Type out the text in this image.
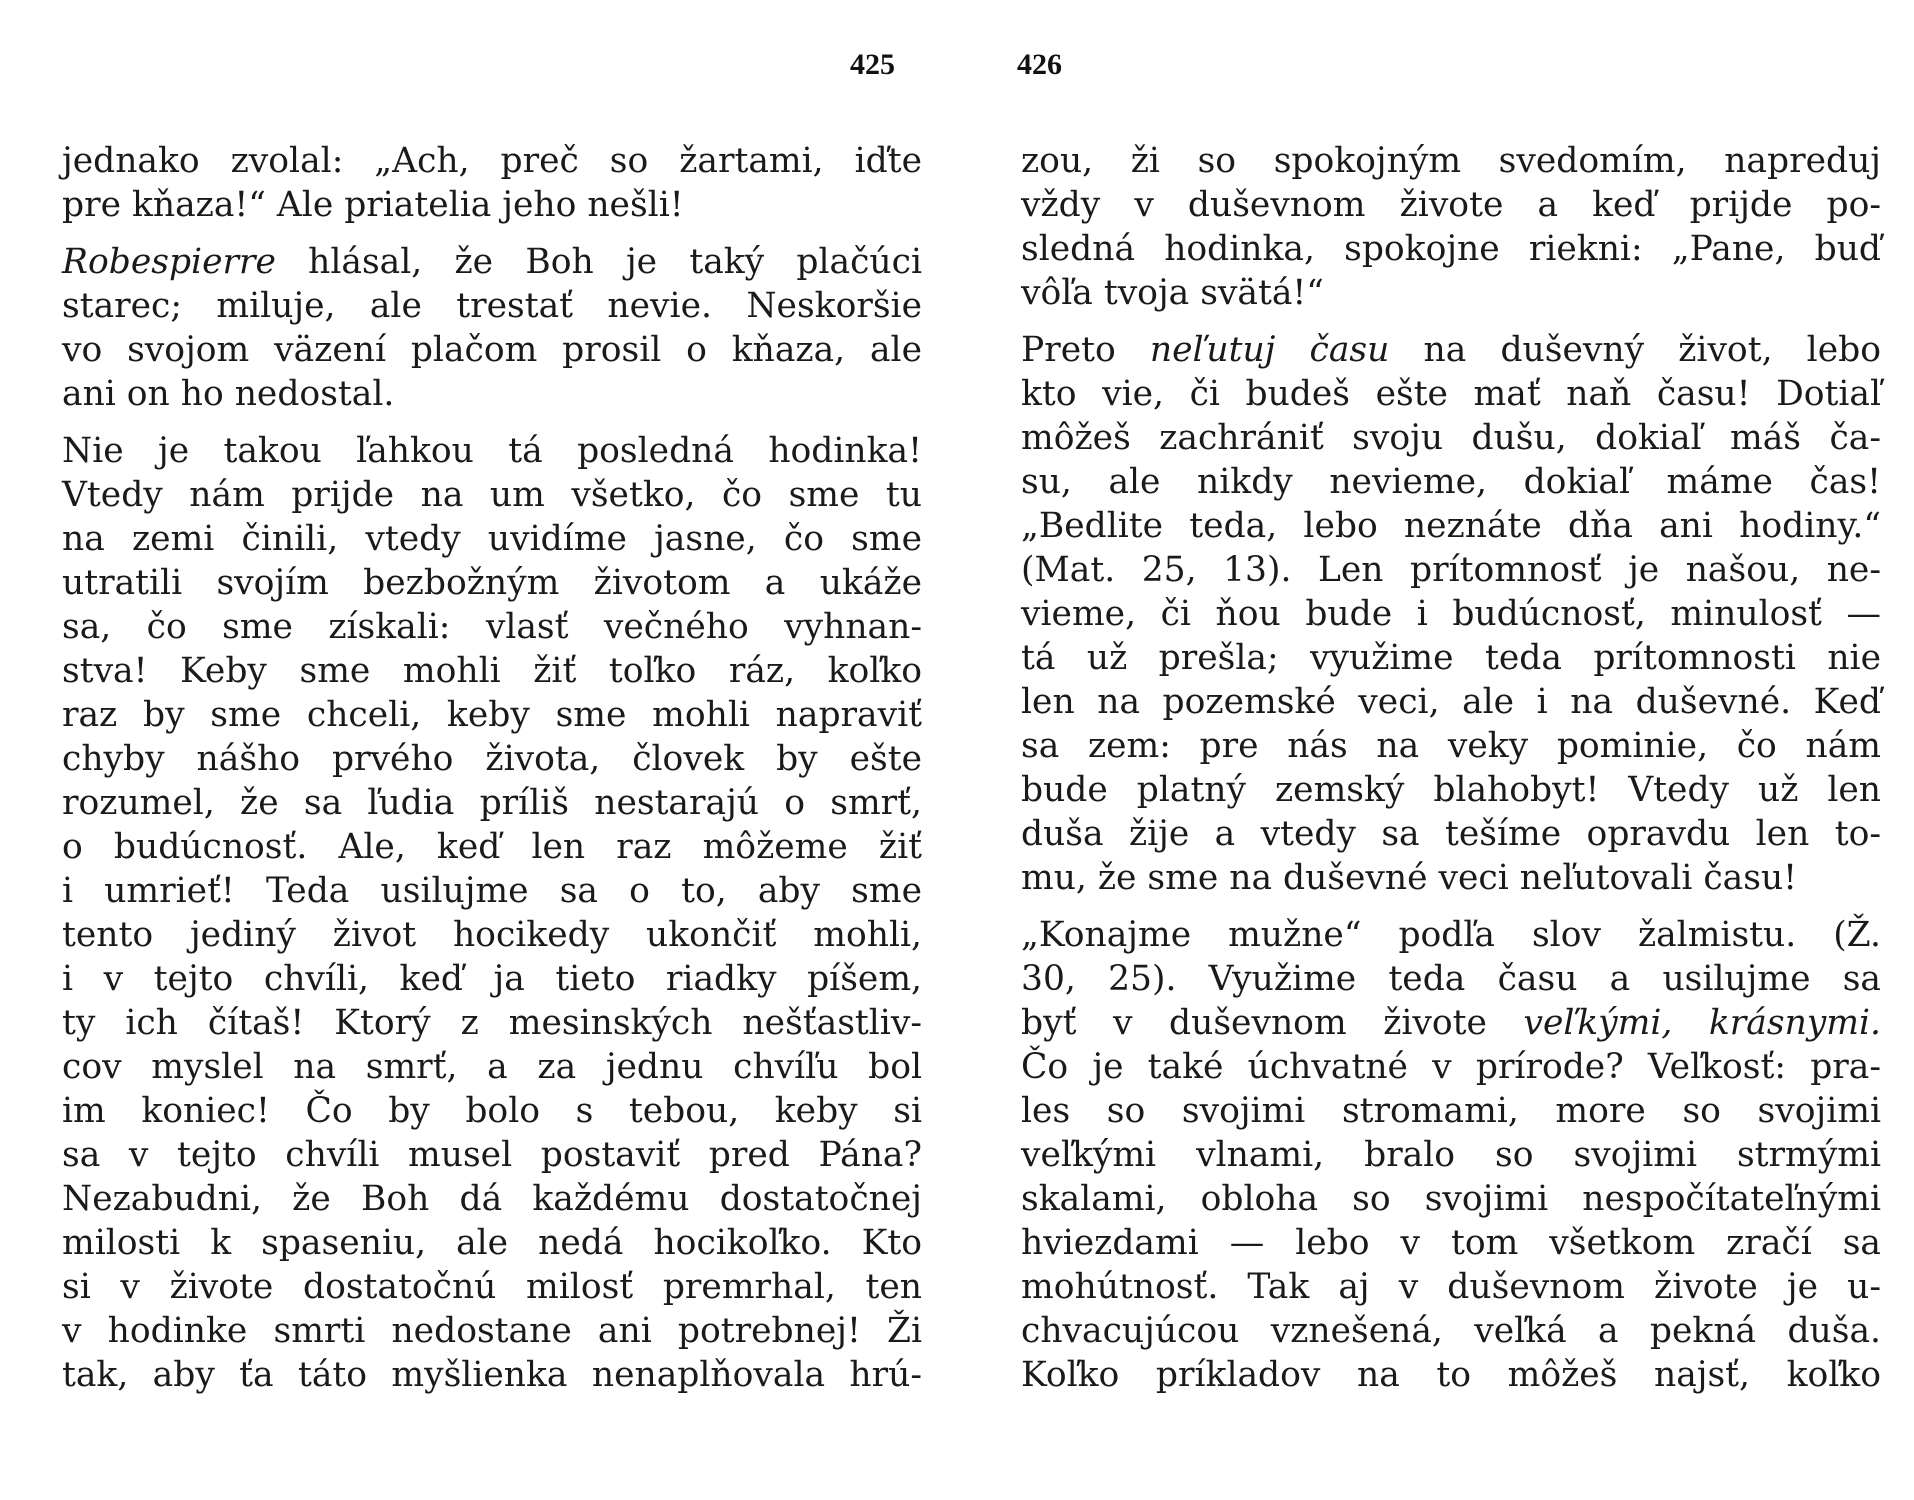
425
jednako zvolal: „Ach, preč so žartami, iďte
pre kňaza!“ Ale priatelia jeho nešli!
Robespierre hlásal, že Boh je taký plačúci
starec; miluje, ale trestať nevie. Neskoršie
vo svojom väzení plačom prosil o kňaza, ale
ani on ho nedostal.
Nie je takou ľahkou tá posledná hodinka!
Vtedy nám prijde na um všetko, čo sme tu
na zemi činili, vtedy uvidíme jasne, čo sme
utratili svojím bezbožným životom a ukáže
sa, čo sme získali: vlasť večného vyhnan-
stva! Keby sme mohli žiť toľko ráz, koľko
raz by sme chceli, keby sme mohli napraviť
chyby nášho prvého života, človek by ešte
rozumel, že sa ľudia príliš nestarajú o smrť,
o budúcnosť. Ale, keď len raz môžeme žiť
i umrieť! Teda usilujme sa o to, aby sme
tento jediný život hocikedy ukončiť mohli,
i v tejto chvíli, keď ja tieto riadky píšem,
ty ich čítaš! Ktorý z mesinských nešťastliv-
cov myslel na smrť, a za jednu chvíľu bol
im koniec! Čo by bolo s tebou, keby si
sa v tejto chvíli musel postaviť pred Pána?
Nezabudni, že Boh dá každému dostatočnej
milosti k spaseniu, ale nedá hocikoľko. Kto
si v živote dostatočnú milosť premrhal, ten
v hodinke smrti nedostane ani potrebnej! Ži
tak, aby ťa táto myšlienka nenaplňovala hrú-
426
zou, ži so spokojným svedomím, napreduj
vždy v duševnom živote a keď prijde po-
sledná hodinka, spokojne riekni: „Pane, buď
vôľa tvoja svätá!“
Preto neľutuj času na duševný život, lebo
kto vie, či budeš ešte mať naň času! Dotiaľ
môžeš zachrániť svoju dušu, dokiaľ máš ča-
su, ale nikdy nevieme, dokiaľ máme čas!
„Bedlite teda, lebo neznáte dňa ani hodiny.“
(Mat. 25, 13). Len prítomnosť je našou, ne-
vieme, či ňou bude i budúcnosť, minulosť —
tá už prešla; využime teda prítomnosti nie
len na pozemské veci, ale i na duševné. Keď
sa zem: pre nás na veky pominie, čo nám
bude platný zemský blahobyt! Vtedy už len
duša žije a vtedy sa tešíme opravdu len to-
mu, že sme na duševné veci neľutovali času!
„Konajme mužne“ podľa slov žalmistu. (Ž.
30, 25). Využime teda času a usilujme sa
byť v duševnom živote veľkými, krásnymi.
Čo je také úchvatné v prírode? Veľkosť: pra-
les so svojimi stromami, more so svojimi
veľkými vlnami, bralo so svojimi strmými
skalami, obloha so svojimi nespočítateľnými
hviezdami — lebo v tom všetkom zračí sa
mohútnosť. Tak aj v duševnom živote je u-
chvacujúcou vznešená, veľká a pekná duša.
Koľko príkladov na to môžeš najsť, koľko
